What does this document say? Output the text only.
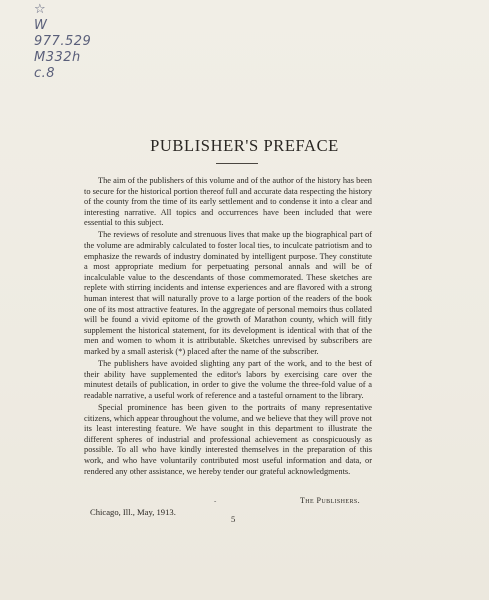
☆
W
977.529
M332h
c.8
PUBLISHER'S PREFACE

The aim of the publishers of this volume and of the author of the history has been to secure for the historical portion thereof full and accurate data respecting the history of the county from the time of its early settlement and to condense it into a clear and interesting narrative. All topics and occurrences have been included that were essential to this subject.

The reviews of resolute and strenuous lives that make up the biographical part of the volume are admirably calculated to foster local ties, to inculcate patriotism and to emphasize the rewards of industry dominated by intelligent purpose. They constitute a most appropriate medium for perpetuating personal annals and will be of incalculable value to the descendants of those commemorated. These sketches are replete with stirring incidents and intense experiences and are flavored with a strong human interest that will naturally prove to a large portion of the readers of the book one of its most attractive features. In the aggregate of personal memoirs thus collated will be found a vivid epitome of the growth of Marathon county, which will fitly supplement the historical statement, for its development is identical with that of the men and women to whom it is attributable. Sketches unrevised by subscribers are marked by a small asterisk (*) placed after the name of the subscriber.

The publishers have avoided slighting any part of the work, and to the best of their ability have supplemented the editor's labors by exercising care over the minutest details of publication, in order to give the volume the three-fold value of a readable narrative, a useful work of reference and a tasteful ornament to the library.

Special prominence has been given to the portraits of many representative citizens, which appear throughout the volume, and we believe that they will prove not its least interesting feature. We have sought in this department to illustrate the different spheres of industrial and professional achievement as conspicuously as possible. To all who have kindly interested themselves in the preparation of this work, and who have voluntarily contributed most useful information and data, or rendered any other assistance, we hereby tender our grateful acknowledgments.

-	The Publishers.
Chicago, Ill., May, 1913.
5
